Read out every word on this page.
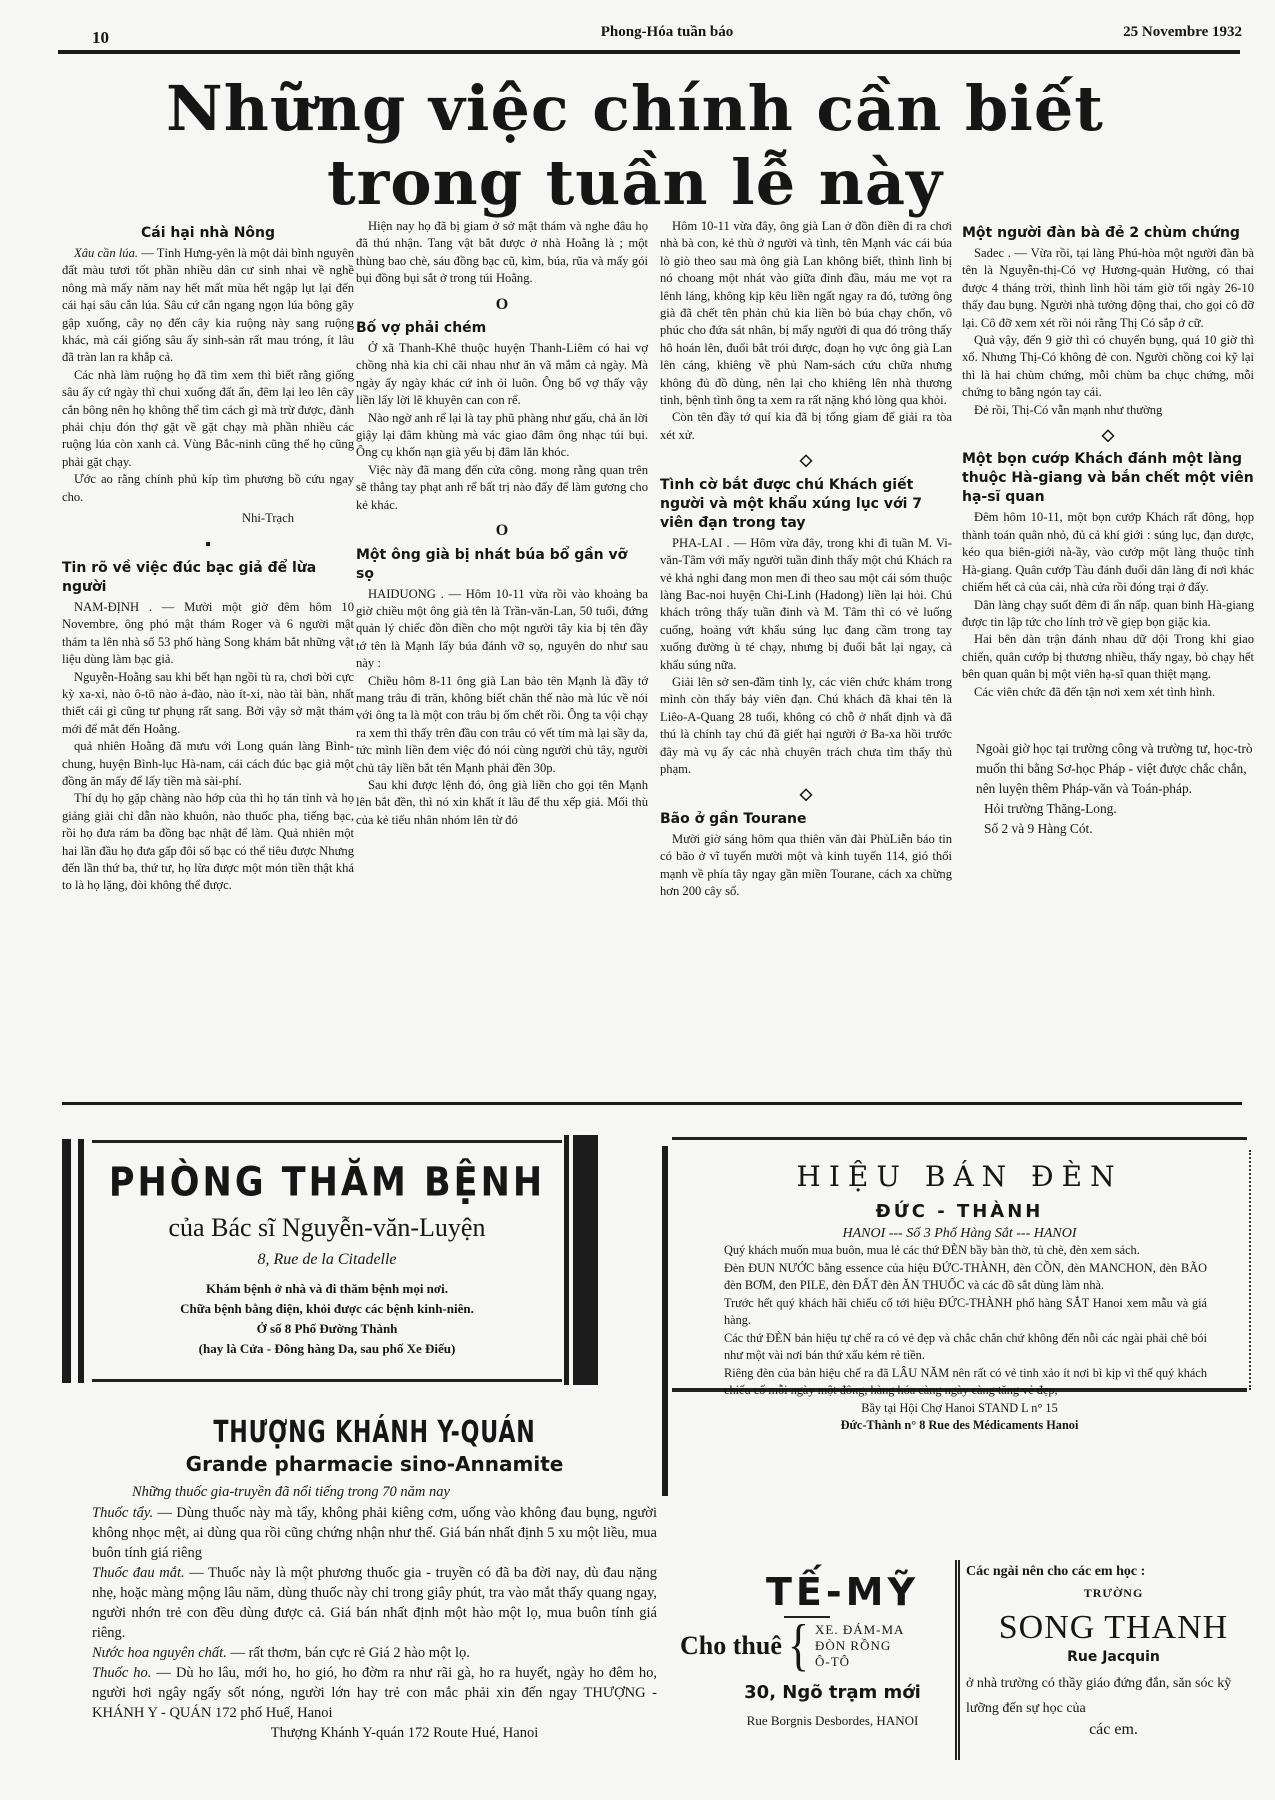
10	Phong-Hóa tuần báo	25 Novembre 1932
Những việc chính cần biết
trong tuần lễ này
Cái hại nhà Nông

Xâu cần lúa. — Tỉnh Hưng-yên là một dải bình nguyên đất màu tươi tốt phần nhiều dân cư sinh nhai về nghề nông mà mấy năm nay hết mất mùa hết ngập lụt lại đến cái hại sâu cắn lúa. Sâu cứ cắn ngang ngọn lúa bông gãy gập xuống, cây nọ đến cây kia ruộng này sang ruộng khác, mà cái giống sâu ấy sinh-sản rất mau tróng, ít lâu đã tràn lan ra khắp cả.

Các nhà làm ruộng họ đã tìm xem thì biết rằng giống sâu ấy cứ ngày thì chui xuống đất ẩn, đêm lại leo lên cây cắn bông nên họ không thể tìm cách gì mà trừ được, đành phải chịu đón thợ gặt về gặt chạy mà phần nhiều các ruộng lúa còn xanh cả. Vùng Bắc-ninh cũng thế họ cũng phải gặt chạy.

Ước ao rằng chính phủ kíp tìm phương bồ cứu ngay cho.

Nhi-Trạch
▪
Tin rõ về việc đúc bạc giả để lừa người

NAM-ĐỊNH . — Mười một giờ đêm hôm 10 Novembre, ông phó mật thám Roger và 6 người mật thám ta lên nhà số 53 phố hàng Song khám bắt những vật liệu dùng làm bạc giả.

Nguyễn-Hoằng sau khi bết hạn ngồi tù ra, chơi bời cực kỳ xa-xỉ, nào ô-tô nào ả-đào, nào ít-xi, nào tài bàn, nhất thiết cái gì cũng tư phụng rất sang. Bởi vậy sở mật thám mới để mắt đến Hoằng.

quả nhiên Hoằng đã mưu với Long quán làng Bình-chung, huyện Bình-lục Hà-nam, cái cách đúc bạc giả một đồng ăn mấy để lấy tiền mà sài-phí.

Thí dụ họ gặp chàng nào hớp của thì họ tán tỉnh và họ giảng giải chỉ dẫn nào khuôn, nào thuốc pha, tiếng bạc, rồi họ đưa rám ba đồng bạc nhật để làm. Quả nhiên một hai lần đầu họ đưa gấp đôi số bạc có thể tiêu được Nhưng đến lần thứ ba, thứ tư, họ lừa được một món tiền thật khá to là họ lặng, đòi không thể được.

Hiện nay họ đã bị giam ở sở mật thám và nghe đâu họ đã thú nhận. Tang vật bắt được ở nhà Hoằng là ; một thùng bao chè, sáu đồng bạc cũ, kìm, búa, rũa và mấy gói bụi đồng bụi sắt ở trong túi Hoằng.

O
Bố vợ phải chém

Ở xã Thanh-Khê thuộc huyện Thanh-Liêm có hai vợ chồng nhà kia chỉ cãi nhau như ăn vã mắm cả ngày. Mà ngày ấy ngày khác cứ inh ỏi luôn. Ông bố vợ thấy vậy liền lấy lời lẽ khuyên can con rể.

Nào ngờ anh rể lại là tay phũ phàng như gấu, chả ăn lời giậy lại đâm khùng mà vác giao đâm ông nhạc túi bụi. Ông cụ khốn nạn già yếu bị đâm lăn khóc.

Việc này đã mang đến cửa công. mong rằng quan trên sẽ thẳng tay phạt anh rể bất trị nào đấy để làm gương cho kẻ khác.

O
Một ông già bị nhát búa bổ gần vỡ sọ

HAIDUONG . — Hôm 10-11 vừa rồi vào khoảng ba giờ chiều một ông già tên là Trần-văn-Lan, 50 tuổi, đứng quản lý chiếc đồn điền cho một người tây kia bị tên đầy tớ tên là Mạnh lấy búa đánh vỡ sọ, nguyên do như sau này :

Chiều hôm 8-11 ông già Lan bảo tên Mạnh là đầy tớ mang trâu đi trăn, không biết chăn thế nào mà lúc về nói với ông ta là một con trâu bị ốm chết rồi. Ông ta vội chạy ra xem thì thấy trên đầu con trâu có vết tím mà lại sầy da, tức mình liền đem việc đó nói cùng người chủ tây, người chủ tây liền bắt tên Mạnh phải đền 30p.

Sau khi được lệnh đó, ông già liền cho gọi tên Mạnh lên bắt đền, thì nó xin khất ít lâu để thu xếp giả. Mối thù của kẻ tiểu nhân nhóm lên từ đó

Hôm 10-11 vừa đây, ông già Lan ở đồn điền đi ra chơi nhà bà con, kẻ thù ở người và tình, tên Mạnh vác cái búa lò giò theo sau mà ông già Lan không biết, thình lình bị nó choang một nhát vào giữa đỉnh đầu, máu me vọt ra lênh láng, không kịp kêu liền ngất ngay ra đó, tưởng ông già đã chết tên phản chủ kia liền bỏ búa chạy chốn, vô phúc cho đứa sát nhân, bị mấy người đi qua đó trông thấy hô hoán lên, đuổi bắt trói được, đoạn họ vực ông già Lan lên cáng, khiêng về phủ Nam-sách cứu chữa nhưng không đủ đồ dùng, nên lại cho khiêng lên nhà thương tỉnh, bệnh tình ông ta xem ra rất nặng khó lòng qua khỏi.

Còn tên đầy tớ quí kia đã bị tống giam để giải ra tòa xét xử.

◇
Tình cờ bắt được chú Khách giết người và một khẩu xúng lục với 7 viên đạn trong tay

PHA-LAI . — Hôm vừa đây, trong khi đi tuần M. Vi-văn-Tâm với mấy người tuần đinh thấy một chú Khách ra vẻ khả nghi đang mon men đi theo sau một cái sóm thuộc làng Bac-noi huyện Chi-Linh (Hadong) liền lại hỏi. Chú khách trông thấy tuần đinh và M. Tâm thì có vẻ luống cuống, hoảng vứt khẩu súng lục đang cầm trong tay xuống đường ù té chạy, nhưng bị đuổi bắt lại ngay, cả khẩu súng nữa.

Giải lên sở sen-đầm tỉnh lỵ, các viên chức khám trong mình còn thấy bảy viên đạn. Chú khách đã khai tên là Liêo-A-Quang 28 tuổi, không có chỗ ở nhất định và đã thú là chính tay chú đã giết hại người ở Ba-xa hồi trước đây mà vụ ấy các nhà chuyên trách chưa tìm thấy thủ phạm.

◇
Bão ở gần Tourane

Mười giờ sáng hôm qua thiên văn đài PhủLiễn báo tin có bão ở vĩ tuyến mười một và kinh tuyến 114, gió thổi mạnh về phía tây ngay gần miền Tourane, cách xa chừng hơn 200 cây số.

Một người đàn bà đẻ 2 chùm chứng

Sadec . — Vừa rồi, tại làng Phú-hòa một người đàn bà tên là Nguyễn-thị-Có vợ Hương-quản Hường, có thai được 4 tháng trời, thình lình hồi tám giờ tối ngày 26-10 thấy đau bụng. Người nhà tưởng động thai, cho gọi cô đỡ lại. Cô đỡ xem xét rồi nói rằng Thị Có sắp ở cữ.

Quả vậy, đến 9 giờ thì có chuyển bụng, quá 10 giờ thì xổ. Nhưng Thị-Có không đẻ con. Người chồng coi kỹ lại thì là hai chùm chứng, mỗi chùm ba chục chứng, mỗi chứng to bằng ngón tay cái.

Đẻ rồi, Thị-Có vẫn mạnh như thường

◇
Một bọn cướp Khách đánh một làng thuộc Hà-giang và bắn chết một viên hạ-sĩ quan

Đêm hôm 10-11, một bọn cướp Khách rất đông, họp thành toán quân nhỏ, đủ cả khí giới : súng lục, đạn dược, kéo qua biên-giới nà-ầy, vào cướp một làng thuộc tỉnh Hà-giang. Quân cướp Tàu đánh đuổi dân làng đi nơi khác chiếm hết cả của cải, nhà cửa rồi đóng trại ở đấy.

Dân làng chạy suốt đêm đi ẩn nấp. quan binh Hà-giang được tin lập tức cho lính trở về giẹp bọn giặc kia.

Hai bên dàn trận đánh nhau dữ dội Trong khi giao chiến, quân cướp bị thương nhiều, thấy ngay, bỏ chạy hết bên quan quân bị một viên hạ-sĩ quan thiệt mạng.

Các viên chức đã đến tận nơi xem xét tình hình.

Ngoài giờ học tại trường công và trường tư, học-trò muốn thi bằng Sơ-học Pháp - việt được chắc chắn, nên luyện thêm Pháp-văn và Toán-pháp.
Hỏi trường Thăng-Long.
Số 2 và 9 Hàng Cót.
PHÒNG THĂM BỆNH
của Bác sĩ Nguyễn-văn-Luyện
8, Rue de la Citadelle
Khám bệnh ở nhà và đi thăm bệnh mọi nơi.
Chữa bệnh bằng điện, khỏi được các bệnh kinh-niên.
Ở số 8 Phố Đường Thành
(hay là Cửa - Đông hàng Da, sau phố Xe Điếu)
THƯỢNG KHÁNH Y-QUÁN
Grande pharmacie sino-Annamite
Những thuốc gia-truyền đã nổi tiếng trong 70 năm nay

Thuốc tẩy. — Dùng thuốc này mà tẩy, không phải kiêng cơm, uống vào không đau bụng, người không nhọc mệt, ai dùng qua rồi cũng chứng nhận như thế. Giá bán nhất định 5 xu một liều, mua buôn tính giá riêng

Thuốc đau mắt. — Thuốc này là một phương thuốc gia - truyền có đã ba đời nay, dù đau nặng nhẹ, hoặc màng mộng lâu năm, dùng thuốc này chỉ trong giây phút, tra vào mắt thấy quang ngay, người nhớn trẻ con đều dùng được cả. Giá bán nhất định một hào một lọ, mua buôn tính giá riêng.

Nước hoa nguyên chất. — rất thơm, bán cực rẻ Giá 2 hào một lọ.

Thuốc ho. — Dù ho lâu, mới ho, ho gió, ho đờm ra như rãi gà, ho ra huyết, ngày ho đêm ho, người hơi ngây ngấy sốt nóng, người lớn hay trẻ con mắc phải xin đến ngay THƯỢNG - KHÁNH Y - QUÁN 172 phố Huế, Hanoi

Thượng Khánh Y-quán 172 Route Hué, Hanoi
HIỆU BÁN ĐÈN
ĐỨC - THÀNH
HANOI --- Số 3 Phố Hàng Sắt --- HANOI

Quý khách muốn mua buôn, mua lẻ các thứ ĐÈN bầy bàn thờ, tủ chè, đèn xem sách.

Đèn ĐUN NƯỚC bằng essence của hiệu ĐỨC-THÀNH, đèn CỒN, đèn MANCHON, đèn BÃO đèn BƠM, đen PILE, đèn ĐẤT đèn ĂN THUỐC và các đồ sắt dùng làm nhà.

Trước hết quý khách hãi chiếu cố tới hiệu ĐỨC-THÀNH phố hàng SẮT Hanoi xem mẫu và giá hàng.

Các thứ ĐÈN bản hiệu tự chế ra có vẻ đẹp và chắc chắn chứ không đến nỗi các ngài phải chê bói như một vài nơi bán thứ xấu kém rẻ tiền.

Riêng đèn của bản hiệu chế ra đã LÂU NĂM nên rất có vẻ tinh xảo ít nơi bì kịp vì thế quý khách chiếu cố mỗi ngày một đông, hàng hóa càng ngày càng tăng vẻ đẹp,

Bầy tại Hội Chợ Hanoi STAND L n° 15
Đức-Thành n° 8 Rue des Médicaments Hanoi
TẾ-MỸ
Cho thuê { XE. ĐÁM-MA
ĐÒN RỒNG
Ô-TÔ
30, Ngõ trạm mới
Rue Borgnis Desbordes, HANOI
Các ngài nên cho các em học :
TRƯỜNG
SONG THANH
Rue Jacquin

ở nhà trường có thầy giáo đứng đắn, săn sóc kỹ lưỡng đến sự học của

các em.
